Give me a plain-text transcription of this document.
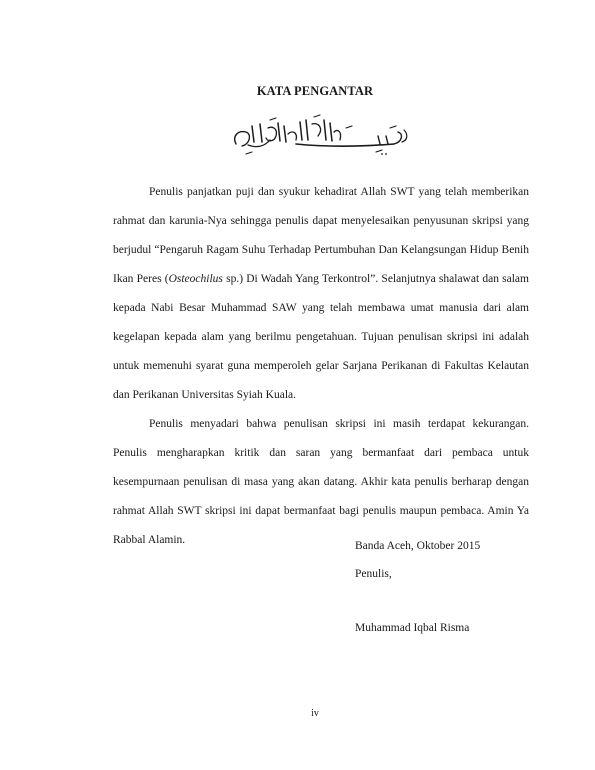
KATA PENGANTAR

Penulis panjatkan puji dan syukur kehadirat Allah SWT yang telah memberikan rahmat dan karunia-Nya sehingga penulis dapat menyelesaikan penyusunan skripsi yang berjudul “Pengaruh Ragam Suhu Terhadap Pertumbuhan Dan Kelangsungan Hidup Benih Ikan Peres (Osteochilus sp.) Di Wadah Yang Terkontrol”. Selanjutnya shalawat dan salam kepada Nabi Besar Muhammad SAW yang telah membawa umat manusia dari alam kegelapan kepada alam yang berilmu pengetahuan. Tujuan penulisan skripsi ini adalah untuk memenuhi syarat guna memperoleh gelar Sarjana Perikanan di Fakultas Kelautan dan Perikanan Universitas Syiah Kuala.

Penulis menyadari bahwa penulisan skripsi ini masih terdapat kekurangan. Penulis mengharapkan kritik dan saran yang bermanfaat dari pembaca untuk kesempurnaan penulisan di masa yang akan datang. Akhir kata penulis berharap dengan rahmat Allah SWT skripsi ini dapat bermanfaat bagi penulis maupun pembaca. Amin Ya Rabbal Alamin.	Banda Aceh, Oktober 2015
Penulis,
Muhammad Iqbal Risma
iv
